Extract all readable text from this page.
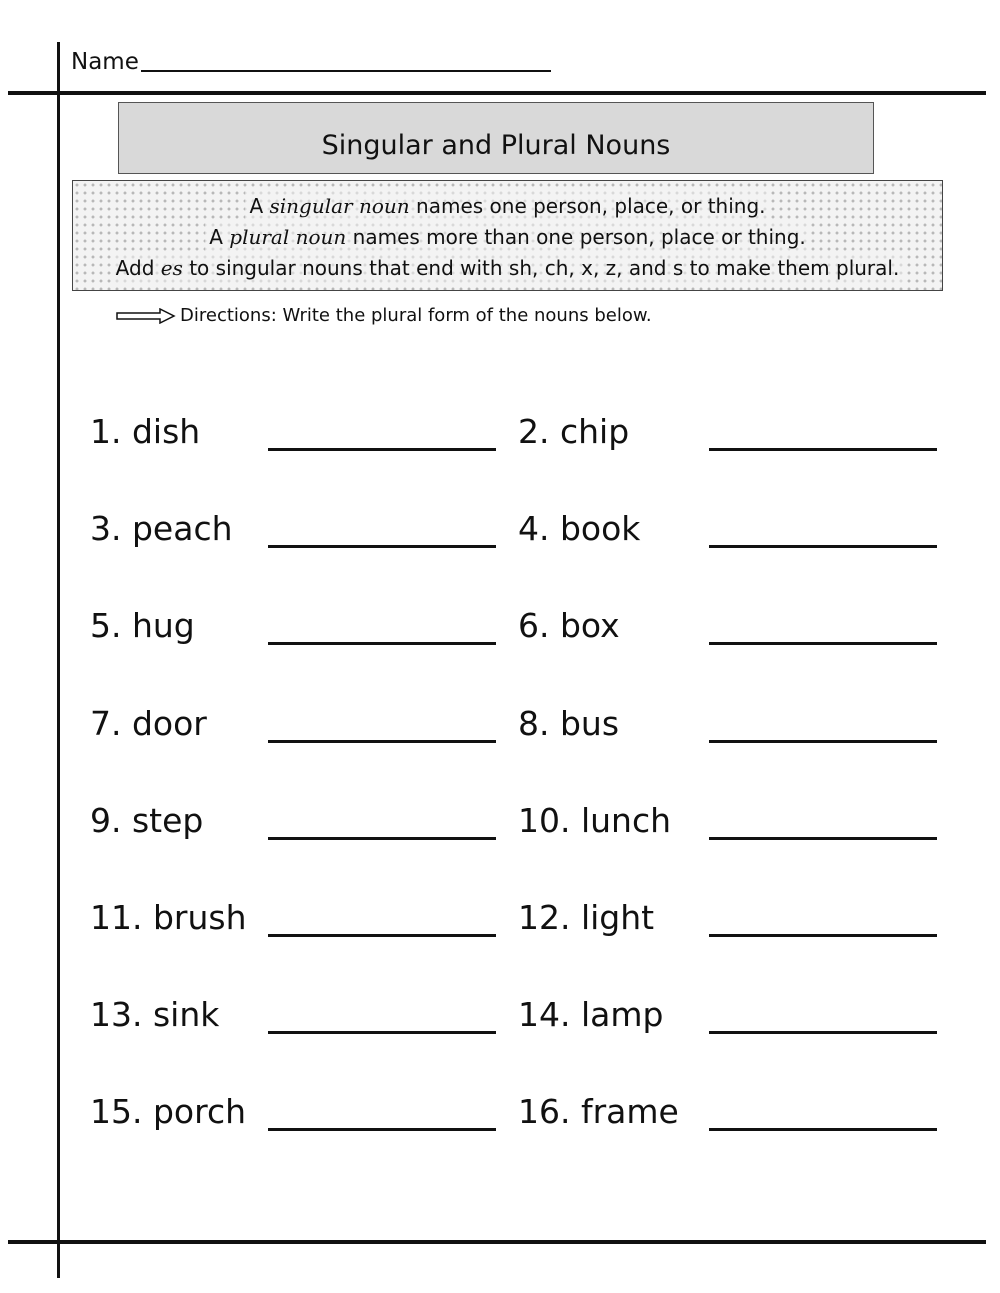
Name
Singular and Plural Nouns
A singular noun names one person, place, or thing.
A plural noun names more than one person, place or thing.
Add es to singular nouns that end with sh, ch, x, z, and s to make them plural.
Directions: Write the plural form of the nouns below.
1. dish	2. chip
3. peach	4. book
5. hug	6. box
7. door	8. bus
9. step	10. lunch
11. brush	12. light
13. sink	14. lamp
15. porch	16. frame
